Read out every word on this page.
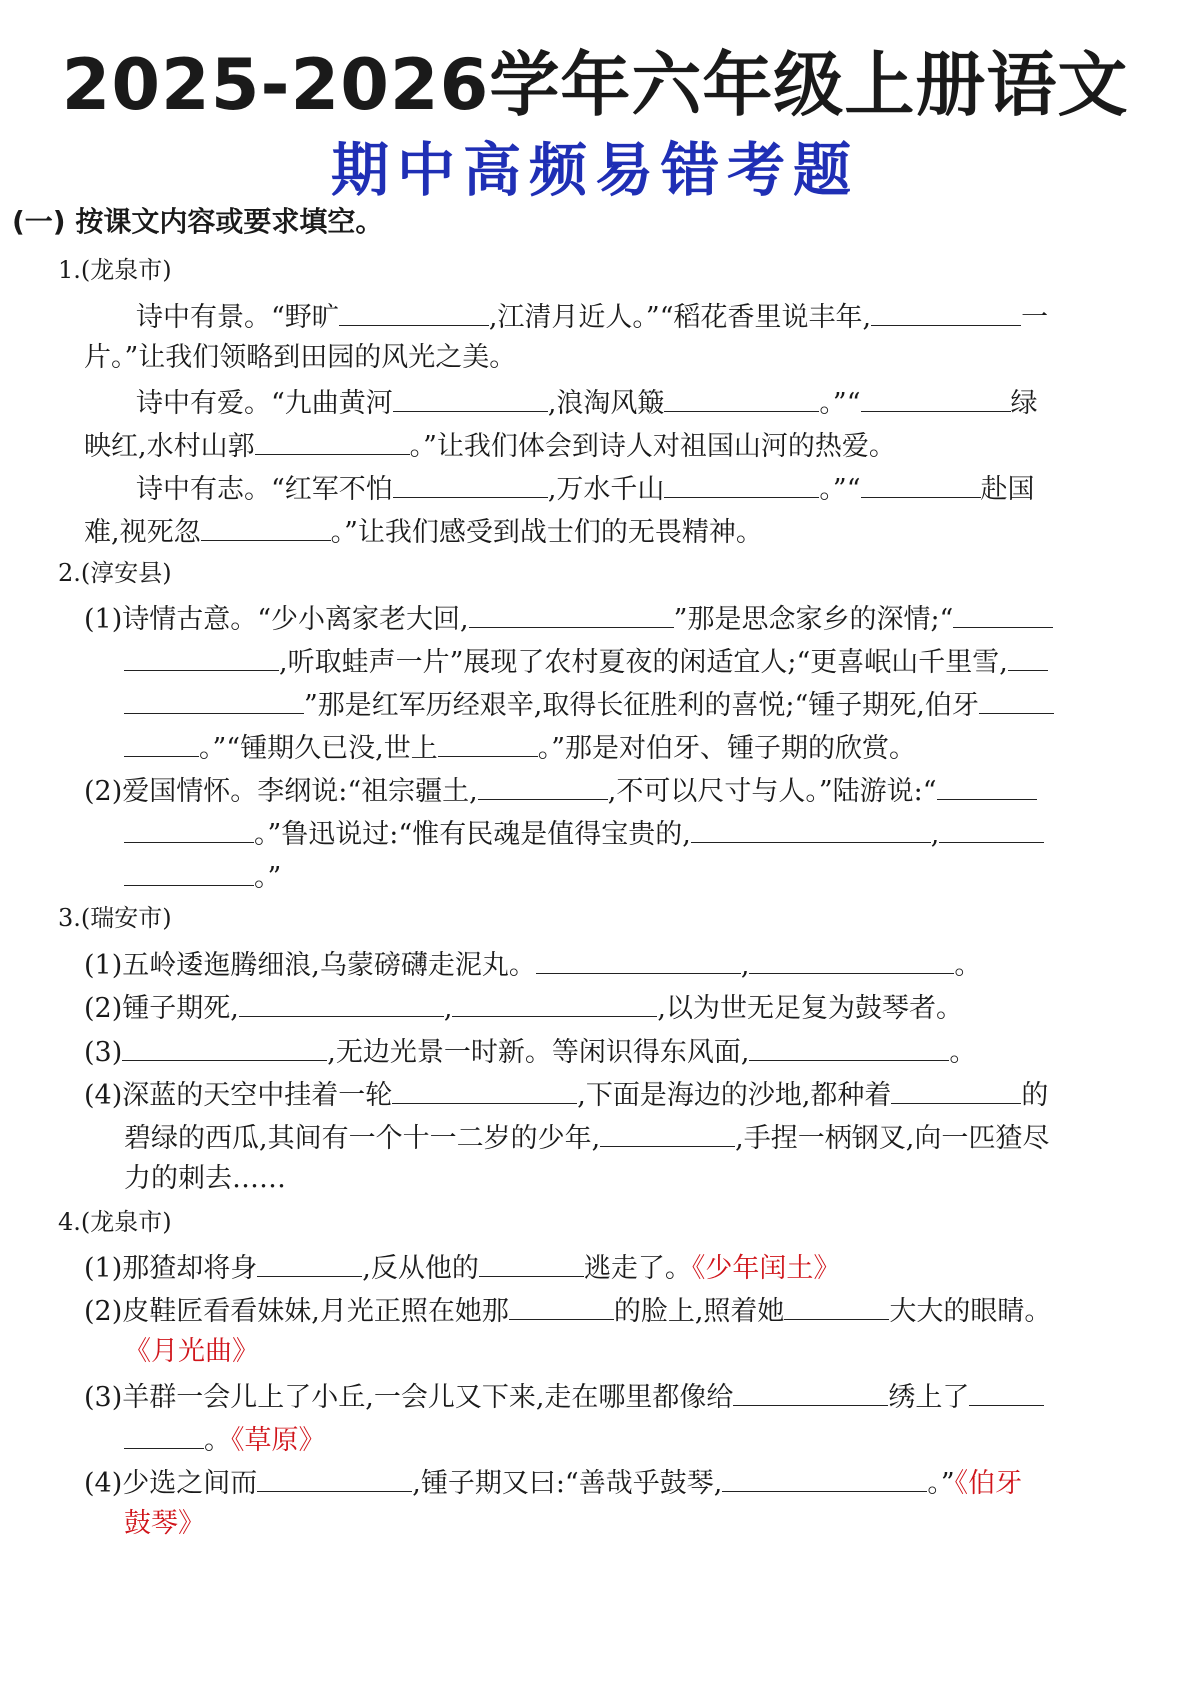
2025-2026学年六年级上册语文
期中高频易错考题
(一) 按课文内容或要求填空。
1.(龙泉市)
诗中有景。“野旷	,江清月近人。”“稻花香里说丰年,	一
片。”让我们领略到田园的风光之美。
诗中有爱。“九曲黄河	,浪淘风簸	。”“	绿
映红,水村山郭	。”让我们体会到诗人对祖国山河的热爱。
诗中有志。“红军不怕	,万水千山	。”“	赴国
难,视死忽	。”让我们感受到战士们的无畏精神。
2.(淳安县)
(1)诗情古意。“少小离家老大回,	”那是思念家乡的深情;“
,听取蛙声一片”展现了农村夏夜的闲适宜人;“更喜岷山千里雪,
”那是红军历经艰辛,取得长征胜利的喜悦;“锺子期死,伯牙
。”“锺期久已没,世上	。”那是对伯牙、锺子期的欣赏。
(2)爱国情怀。李纲说:“祖宗疆土,	,不可以尺寸与人。”陆游说:“
。”鲁迅说过:“惟有民魂是值得宝贵的,	,
。”
3.(瑞安市)
(1)五岭逶迤腾细浪,乌蒙磅礴走泥丸。	,	。
(2)锺子期死,	,	,以为世无足复为鼓琴者。
(3)	,无边光景一时新。等闲识得东风面,	。
(4)深蓝的天空中挂着一轮	,下面是海边的沙地,都种着	的
碧绿的西瓜,其间有一个十一二岁的少年,	,手捏一柄钢叉,向一匹猹尽
力的刺去……
4.(龙泉市)
(1)那猹却将身	,反从他的	逃走了。《少年闰土》
(2)皮鞋匠看看妹妹,月光正照在她那	的脸上,照着她	大大的眼睛。
《月光曲》
(3)羊群一会儿上了小丘,一会儿又下来,走在哪里都像给	绣上了
。《草原》
(4)少选之间而	,锺子期又曰:“善哉乎鼓琴,	。”《伯牙
鼓琴》
